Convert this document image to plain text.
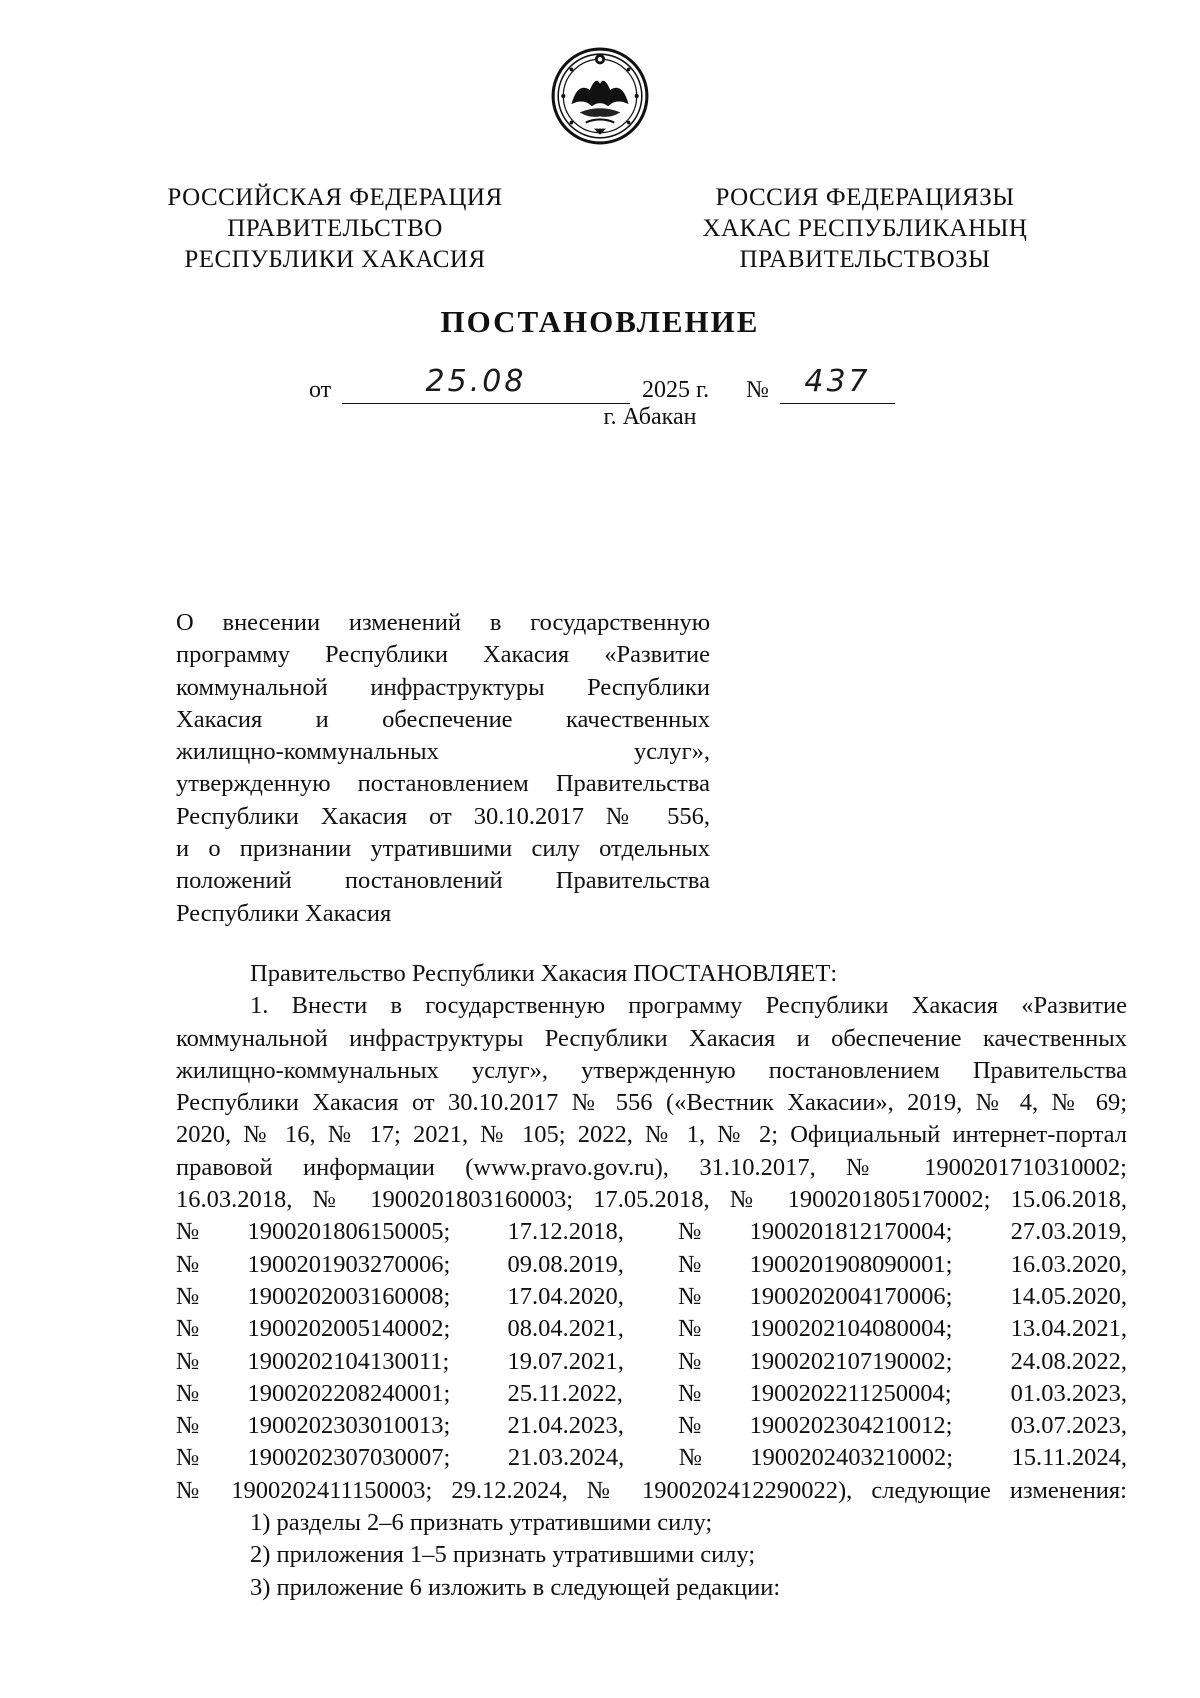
РОССИЙСКАЯ ФЕДЕРАЦИЯ
ПРАВИТЕЛЬСТВО
РЕСПУБЛИКИ ХАКАСИЯ
РОССИЯ ФЕДЕРАЦИЯЗЫ
ХАКАС РЕСПУБЛИКАНЫҢ
ПРАВИТЕЛЬСТВОЗЫ
ПОСТАНОВЛЕНИЕ
от	25.08	2025 г. №	437
г. Абакан
О внесении изменений в государственную
программу Республики Хакасия «Развитие
коммунальной инфраструктуры Республики
Хакасия и обеспечение качественных
жилищно-коммунальных услуг»,
утвержденную постановлением Правительства
Республики Хакасия от 30.10.2017 № 556,
и о признании утратившими силу отдельных
положений постановлений Правительства
Республики Хакасия
Правительство Республики Хакасия ПОСТАНОВЛЯЕТ:
1. Внести в государственную программу Республики Хакасия «Развитие
коммунальной инфраструктуры Республики Хакасия и обеспечение качественных
жилищно-коммунальных услуг», утвержденную постановлением Правительства
Республики Хакасия от 30.10.2017 № 556 («Вестник Хакасии», 2019, № 4, № 69;
2020, № 16, № 17; 2021, № 105; 2022, № 1, № 2; Официальный интернет-портал
правовой информации (www.pravo.gov.ru), 31.10.2017, № 1900201710310002;
16.03.2018, № 1900201803160003; 17.05.2018, № 1900201805170002; 15.06.2018,
№	1900201806150005;	17.12.2018,	№	1900201812170004;	27.03.2019,
№	1900201903270006;	09.08.2019,	№	1900201908090001;	16.03.2020,
№	1900202003160008;	17.04.2020,	№	1900202004170006;	14.05.2020,
№	1900202005140002;	08.04.2021,	№	1900202104080004;	13.04.2021,
№	1900202104130011;	19.07.2021,	№	1900202107190002;	24.08.2022,
№	1900202208240001;	25.11.2022,	№	1900202211250004;	01.03.2023,
№	1900202303010013;	21.04.2023,	№	1900202304210012;	03.07.2023,
№	1900202307030007;	21.03.2024,	№	1900202403210002;	15.11.2024,
№ 1900202411150003; 29.12.2024, № 1900202412290022), следующие изменения:
1) разделы 2–6 признать утратившими силу;
2) приложения 1–5 признать утратившими силу;
3) приложение 6 изложить в следующей редакции:
